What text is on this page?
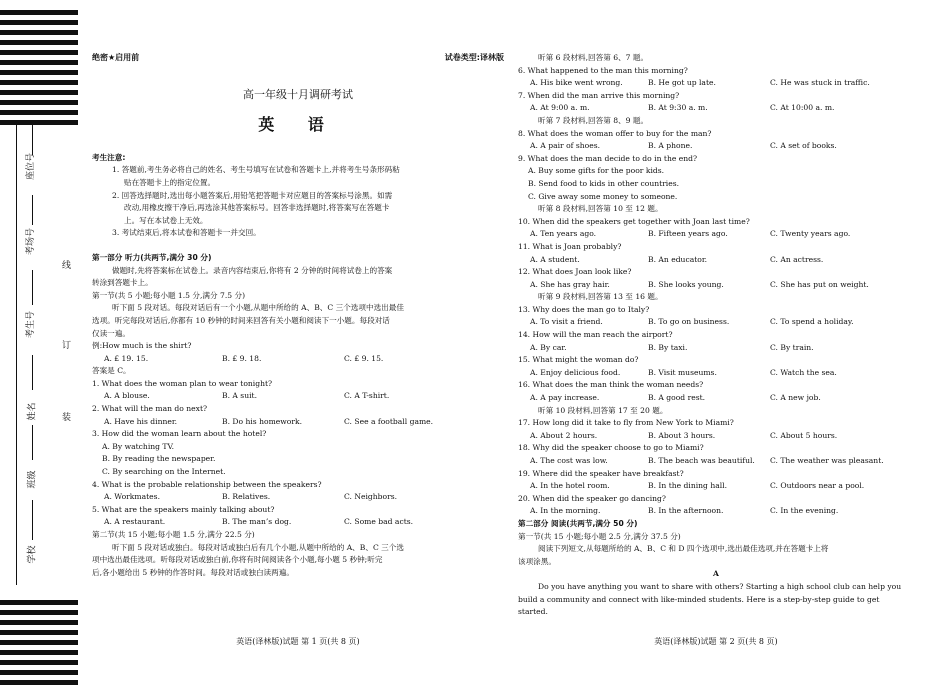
座位号
考场号
考生号
姓名
班级
学校
线
订
装
绝密★启用前	试卷类型:译林版
高一年级十月调研考试
英 语
考生注意:
1. 答题前,考生务必将自己的姓名、考生号填写在试卷和答题卡上,并将考生号条形码粘
贴在答题卡上的指定位置。
2. 回答选择题时,选出每小题答案后,用铅笔把答题卡对应题目的答案标号涂黑。如需
改动,用橡皮擦干净后,再选涂其他答案标号。回答非选择题时,将答案写在答题卡
上。写在本试卷上无效。
3. 考试结束后,将本试卷和答题卡一并交回。
第一部分 听力(共两节,满分 30 分)
做题时,先将答案标在试卷上。录音内容结束后,你将有 2 分钟的时间将试卷上的答案
转涂到答题卡上。
第一节(共 5 小题;每小题 1.5 分,满分 7.5 分)
听下面 5 段对话。每段对话后有一个小题,从题中所给的 A、B、C 三个选项中选出最佳
选项。听完每段对话后,你都有 10 秒钟的时间来回答有关小题和阅读下一小题。每段对话
仅读一遍。
例:How much is the shirt?
A. £ 19. 15.	B. £ 9. 18.	C. £ 9. 15.
答案是 C。
1. What does the woman plan to wear tonight?
A. A blouse.	B. A suit.	C. A T-shirt.
2. What will the man do next?
A. Have his dinner.	B. Do his homework.	C. See a football game.
3. How did the woman learn about the hotel?
A. By watching TV.
B. By reading the newspaper.
C. By searching on the Internet.
4. What is the probable relationship between the speakers?
A. Workmates.	B. Relatives.	C. Neighbors.
5. What are the speakers mainly talking about?
A. A restaurant.	B. The man’s dog.	C. Some bad acts.
第二节(共 15 小题;每小题 1.5 分,满分 22.5 分)
听下面 5 段对话或独白。每段对话或独白后有几个小题,从题中所给的 A、B、C 三个选
项中选出最佳选项。听每段对话或独白前,你将有时间阅读各个小题,每小题 5 秒钟;听完
后,各小题给出 5 秒钟的作答时间。每段对话或独白读两遍。
英语(译林版)试题 第 1 页(共 8 页)
听第 6 段材料,回答第 6、7 题。
6. What happened to the man this morning?
A. His bike went wrong.	B. He got up late.	C. He was stuck in traffic.
7. When did the man arrive this morning?
A. At 9:00 a. m.	B. At 9:30 a. m.	C. At 10:00 a. m.
听第 7 段材料,回答第 8、9 题。
8. What does the woman offer to buy for the man?
A. A pair of shoes.	B. A phone.	C. A set of books.
9. What does the man decide to do in the end?
A. Buy some gifts for the poor kids.
B. Send food to kids in other countries.
C. Give away some money to someone.
听第 8 段材料,回答第 10 至 12 题。
10. When did the speakers get together with Joan last time?
A. Ten years ago.	B. Fifteen years ago.	C. Twenty years ago.
11. What is Joan probably?
A. A student.	B. An educator.	C. An actress.
12. What does Joan look like?
A. She has gray hair.	B. She looks young.	C. She has put on weight.
听第 9 段材料,回答第 13 至 16 题。
13. Why does the man go to Italy?
A. To visit a friend.	B. To go on business.	C. To spend a holiday.
14. How will the man reach the airport?
A. By car.	B. By taxi.	C. By train.
15. What might the woman do?
A. Enjoy delicious food.	B. Visit museums.	C. Watch the sea.
16. What does the man think the woman needs?
A. A pay increase.	B. A good rest.	C. A new job.
听第 10 段材料,回答第 17 至 20 题。
17. How long did it take to fly from New York to Miami?
A. About 2 hours.	B. About 3 hours.	C. About 5 hours.
18. Why did the speaker choose to go to Miami?
A. The cost was low.	B. The beach was beautiful.	C. The weather was pleasant.
19. Where did the speaker have breakfast?
A. In the hotel room.	B. In the dining hall.	C. Outdoors near a pool.
20. When did the speaker go dancing?
A. In the morning.	B. In the afternoon.	C. In the evening.
第二部分 阅读(共两节,满分 50 分)
第一节(共 15 小题;每小题 2.5 分,满分 37.5 分)
阅读下列短文,从每题所给的 A、B、C 和 D 四个选项中,选出最佳选项,并在答题卡上将
该项涂黑。
A
Do you have anything you want to share with others? Starting a high school club can help you
build a community and connect with like-minded students. Here is a step-by-step guide to get
started.
英语(译林版)试题 第 2 页(共 8 页)
